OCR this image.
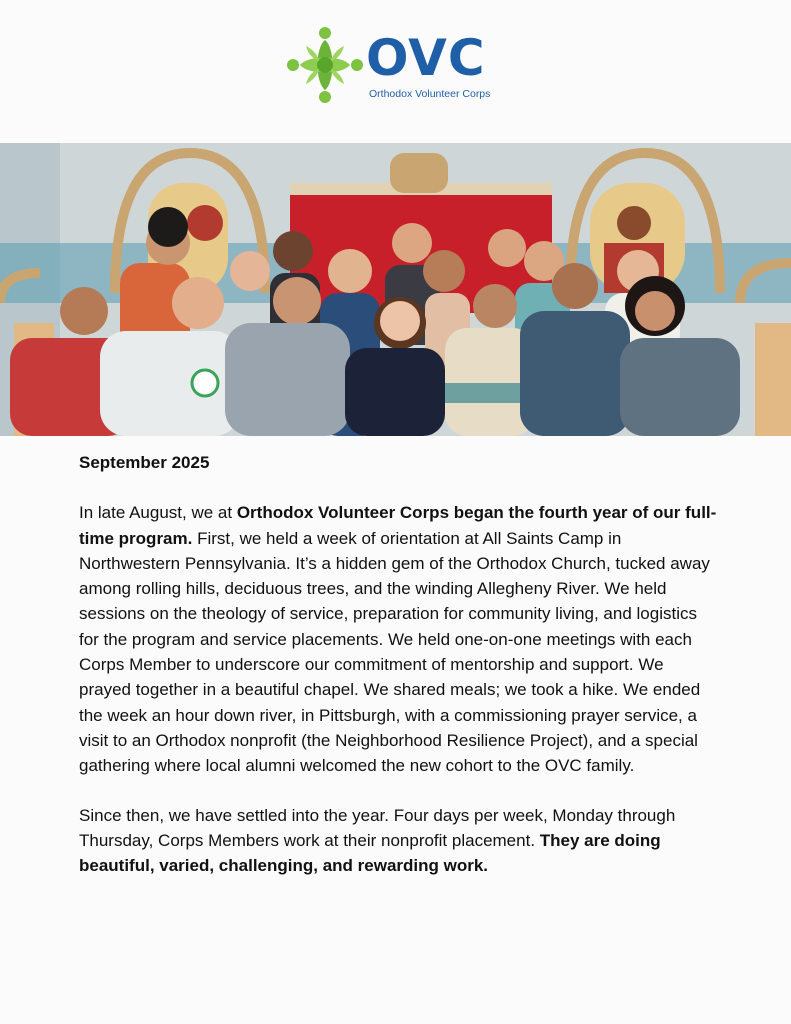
OVC
Orthodox Volunteer Corps
September 2025

In late August, we at Orthodox Volunteer Corps began the fourth year of our full-time program. First, we held a week of orientation at All Saints Camp in Northwestern Pennsylvania. It’s a hidden gem of the Orthodox Church, tucked away among rolling hills, deciduous trees, and the winding Allegheny River. We held sessions on the theology of service, preparation for community living, and logistics for the program and service placements. We held one-on-one meetings with each Corps Member to underscore our commitment of mentorship and support. We prayed together in a beautiful chapel. We shared meals; we took a hike. We ended the week an hour down river, in Pittsburgh, with a commissioning prayer service, a visit to an Orthodox nonprofit (the Neighborhood Resilience Project), and a special gathering where local alumni welcomed the new cohort to the OVC family.

Since then, we have settled into the year. Four days per week, Monday through Thursday, Corps Members work at their nonprofit placement. They are doing beautiful, varied, challenging, and rewarding work.
